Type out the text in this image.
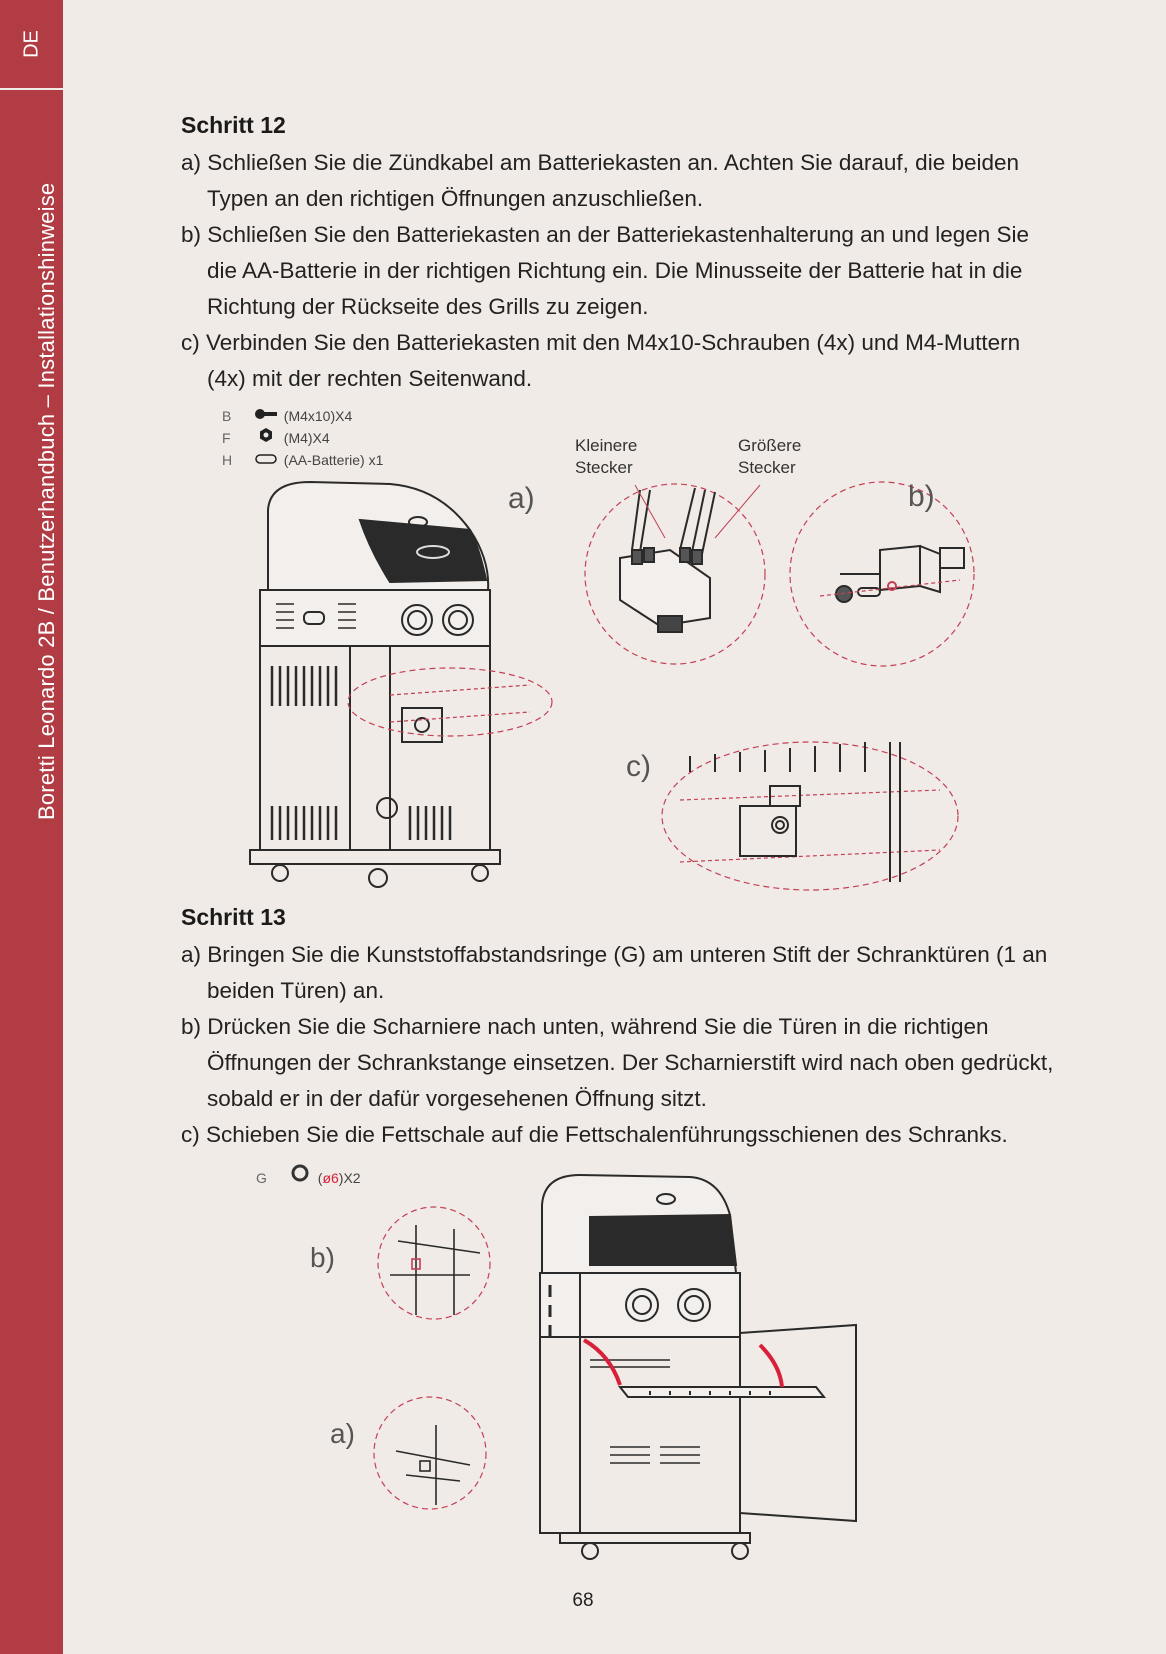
DE
Boretti Leonardo 2B / Benutzerhandbuch – Installationshinweise
Schritt 12
a) Schließen Sie die Zündkabel am Batteriekasten an. Achten Sie darauf, die beiden Typen an den richtigen Öffnungen anzuschließen.
b) Schließen Sie den Batteriekasten an der Batteriekastenhalterung an und legen Sie die AA-Batterie in der richtigen Richtung ein. Die Minusseite der Batterie hat in die Richtung der Rückseite des Grills zu zeigen.
c) Verbinden Sie den Batteriekasten mit den M4x10-Schrauben (4x) und M4-Muttern (4x) mit der rechten Seitenwand.
B	(M4x10)X4
F	(M4)X4
H	(AA-Batterie) x1
Kleinere
Stecker
Größere
Stecker
a)	b)
c)
Schritt 13
a) Bringen Sie die Kunststoffabstandsringe (G) am unteren Stift der Schranktüren (1 an beiden Türen) an.
b) Drücken Sie die Scharniere nach unten, während Sie die Türen in die richtigen Öffnungen der Schrankstange einsetzen. Der Scharnierstift wird nach oben gedrückt, sobald er in der dafür vorgesehenen Öffnung sitzt.
c) Schieben Sie die Fettschale auf die Fettschalenführungsschienen des Schranks.
G	(ø6)X2
b)
a)
68
